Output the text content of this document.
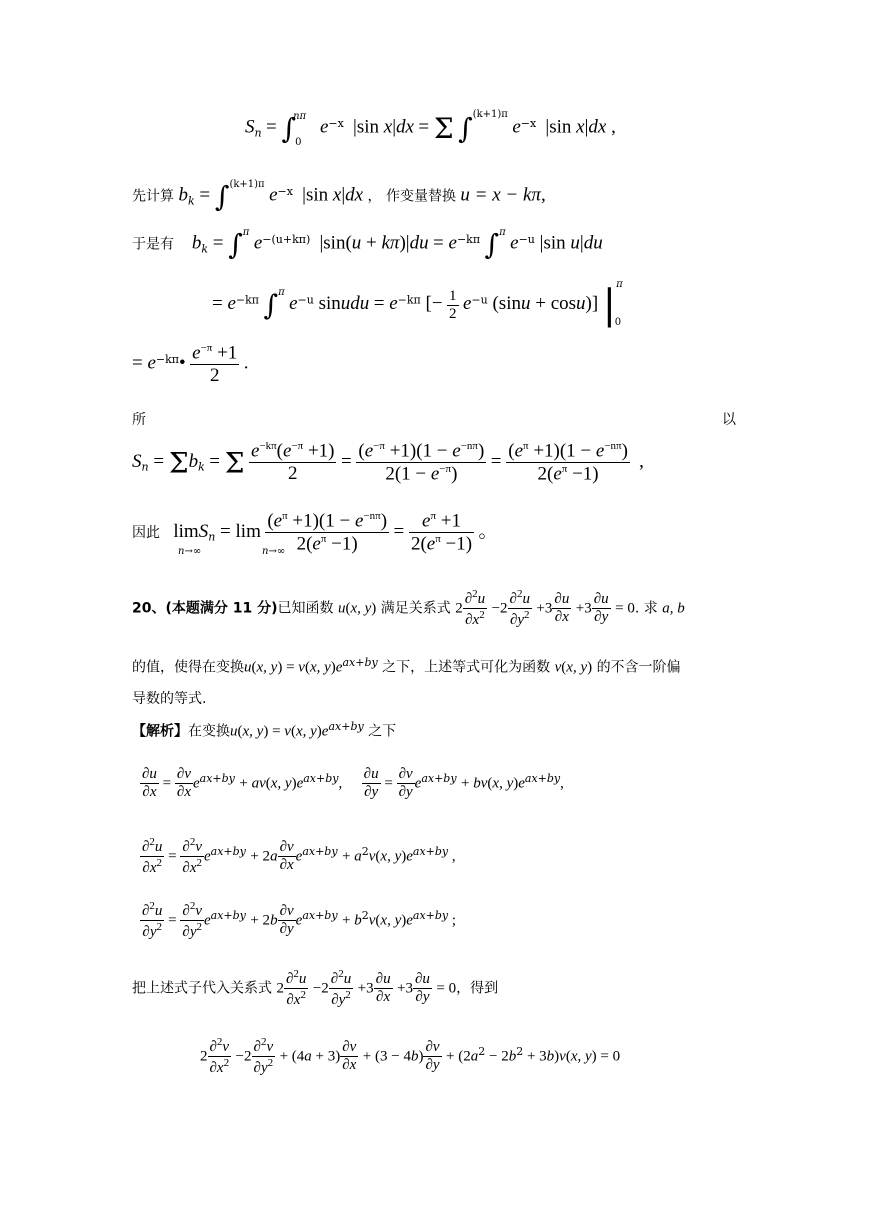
$S_n = \int^{n\pi}_0$ $e^{-x}$  |sin x|dx = Σ ∫$^{(k+1)\pi}$ $e^{-x}$  |sin x|dx ,
先计算 $b_k = \int^{(k+1)\pi}$ $e^{-x}$  |sin x|dx ， 作变量替换 u = x − kπ,
于是有 $b_k = \int^\pi$ $e^{-(u+k\pi)}$  $|\sin(u + k\pi)|du = e^{-k\pi}$ ∫$^\pi$ $e^{-u}$ |sin u|du
= $e^{-k\pi}$ ∫$^\pi$ $e^{-u}$ sinudu = $e^{-k\pi}$ [− $\frac{1}{2} e^{-u}$ (sinu + cosu)] $|^\pi_0$
= $e^{-k\pi}• \frac{e^{-\pi} +1}{2}$ .
所	以
$S_n = \Sigma b_k = \Sigma \frac{e^{-k\pi}(e^{-\pi} +1)}{2} = \frac{(e^{-\pi} +1)(1 - e^{-n\pi})}{2(1 - e^{-\pi})} = \frac{(e^\pi +1)(1 - e^{-n\pi})}{2(e^\pi -1)}$ ,
因此 $\lim S_n = \lim \frac{(e^\pi +1)(1 - e^{-n\pi})}{2(e^\pi -1)} = \frac{e^\pi +1}{2(e^\pi -1)}$ 。
n→∞	n→∞
20、(本题满分 11 分)已知函数 u(x, y) 满足关系式 $2 \frac{\partial^2u}{\partial x^2} -2 \frac{\partial^2u}{\partial y^2} +3 \frac{\partial u}{\partial x} +3 \frac{\partial u}{\partial y} = 0$. 求 a, b
的值，使得在变换u(x, y) = v(x, $y)e^{ax+by}$ 之下，上述等式可化为函数 v(x, y) 的不含一阶偏
导数的等式.
【解析】在变换u(x, y) = v(x, $y)e^{ax+by}$ 之下
$\frac{\partial u}{\partial x} = \frac{\partial v}{\partial x} e^{ax+by} + av(x$, $y)e^{ax+by}$, $\frac{\partial u}{\partial y} = \frac{\partial v}{\partial y} e^{ax+by} + bv(x$, $y)e^{ax+by}$,
$\frac{\partial^2u}{\partial x^2} = \frac{\partial^2v}{\partial x^2} e^{ax+by} + 2a \frac{\partial v}{\partial x} e^{ax+by} + a^2v(x$, $y)e^{ax+by}$ ,
$\frac{\partial^2u}{\partial y^2} = \frac{\partial^2v}{\partial y^2} e^{ax+by} + 2b \frac{\partial v}{\partial y} e^{ax+by} + b^2v(x$, $y)e^{ax+by}$ ;
把上述式子代入关系式 $2 \frac{\partial^2u}{\partial x^2} -2 \frac{\partial^2u}{\partial y^2} +3 \frac{\partial u}{\partial x} +3 \frac{\partial u}{\partial y} = 0$，得到
$2 \frac{\partial^2v}{\partial x^2} -2 \frac{\partial^2v}{\partial y^2} + (4a + 3) \frac{\partial v}{\partial x} + (3 - 4b) \frac{\partial v}{\partial y} + (2a^2 - 2b^2 + 3b)v(x$, y) = 0
